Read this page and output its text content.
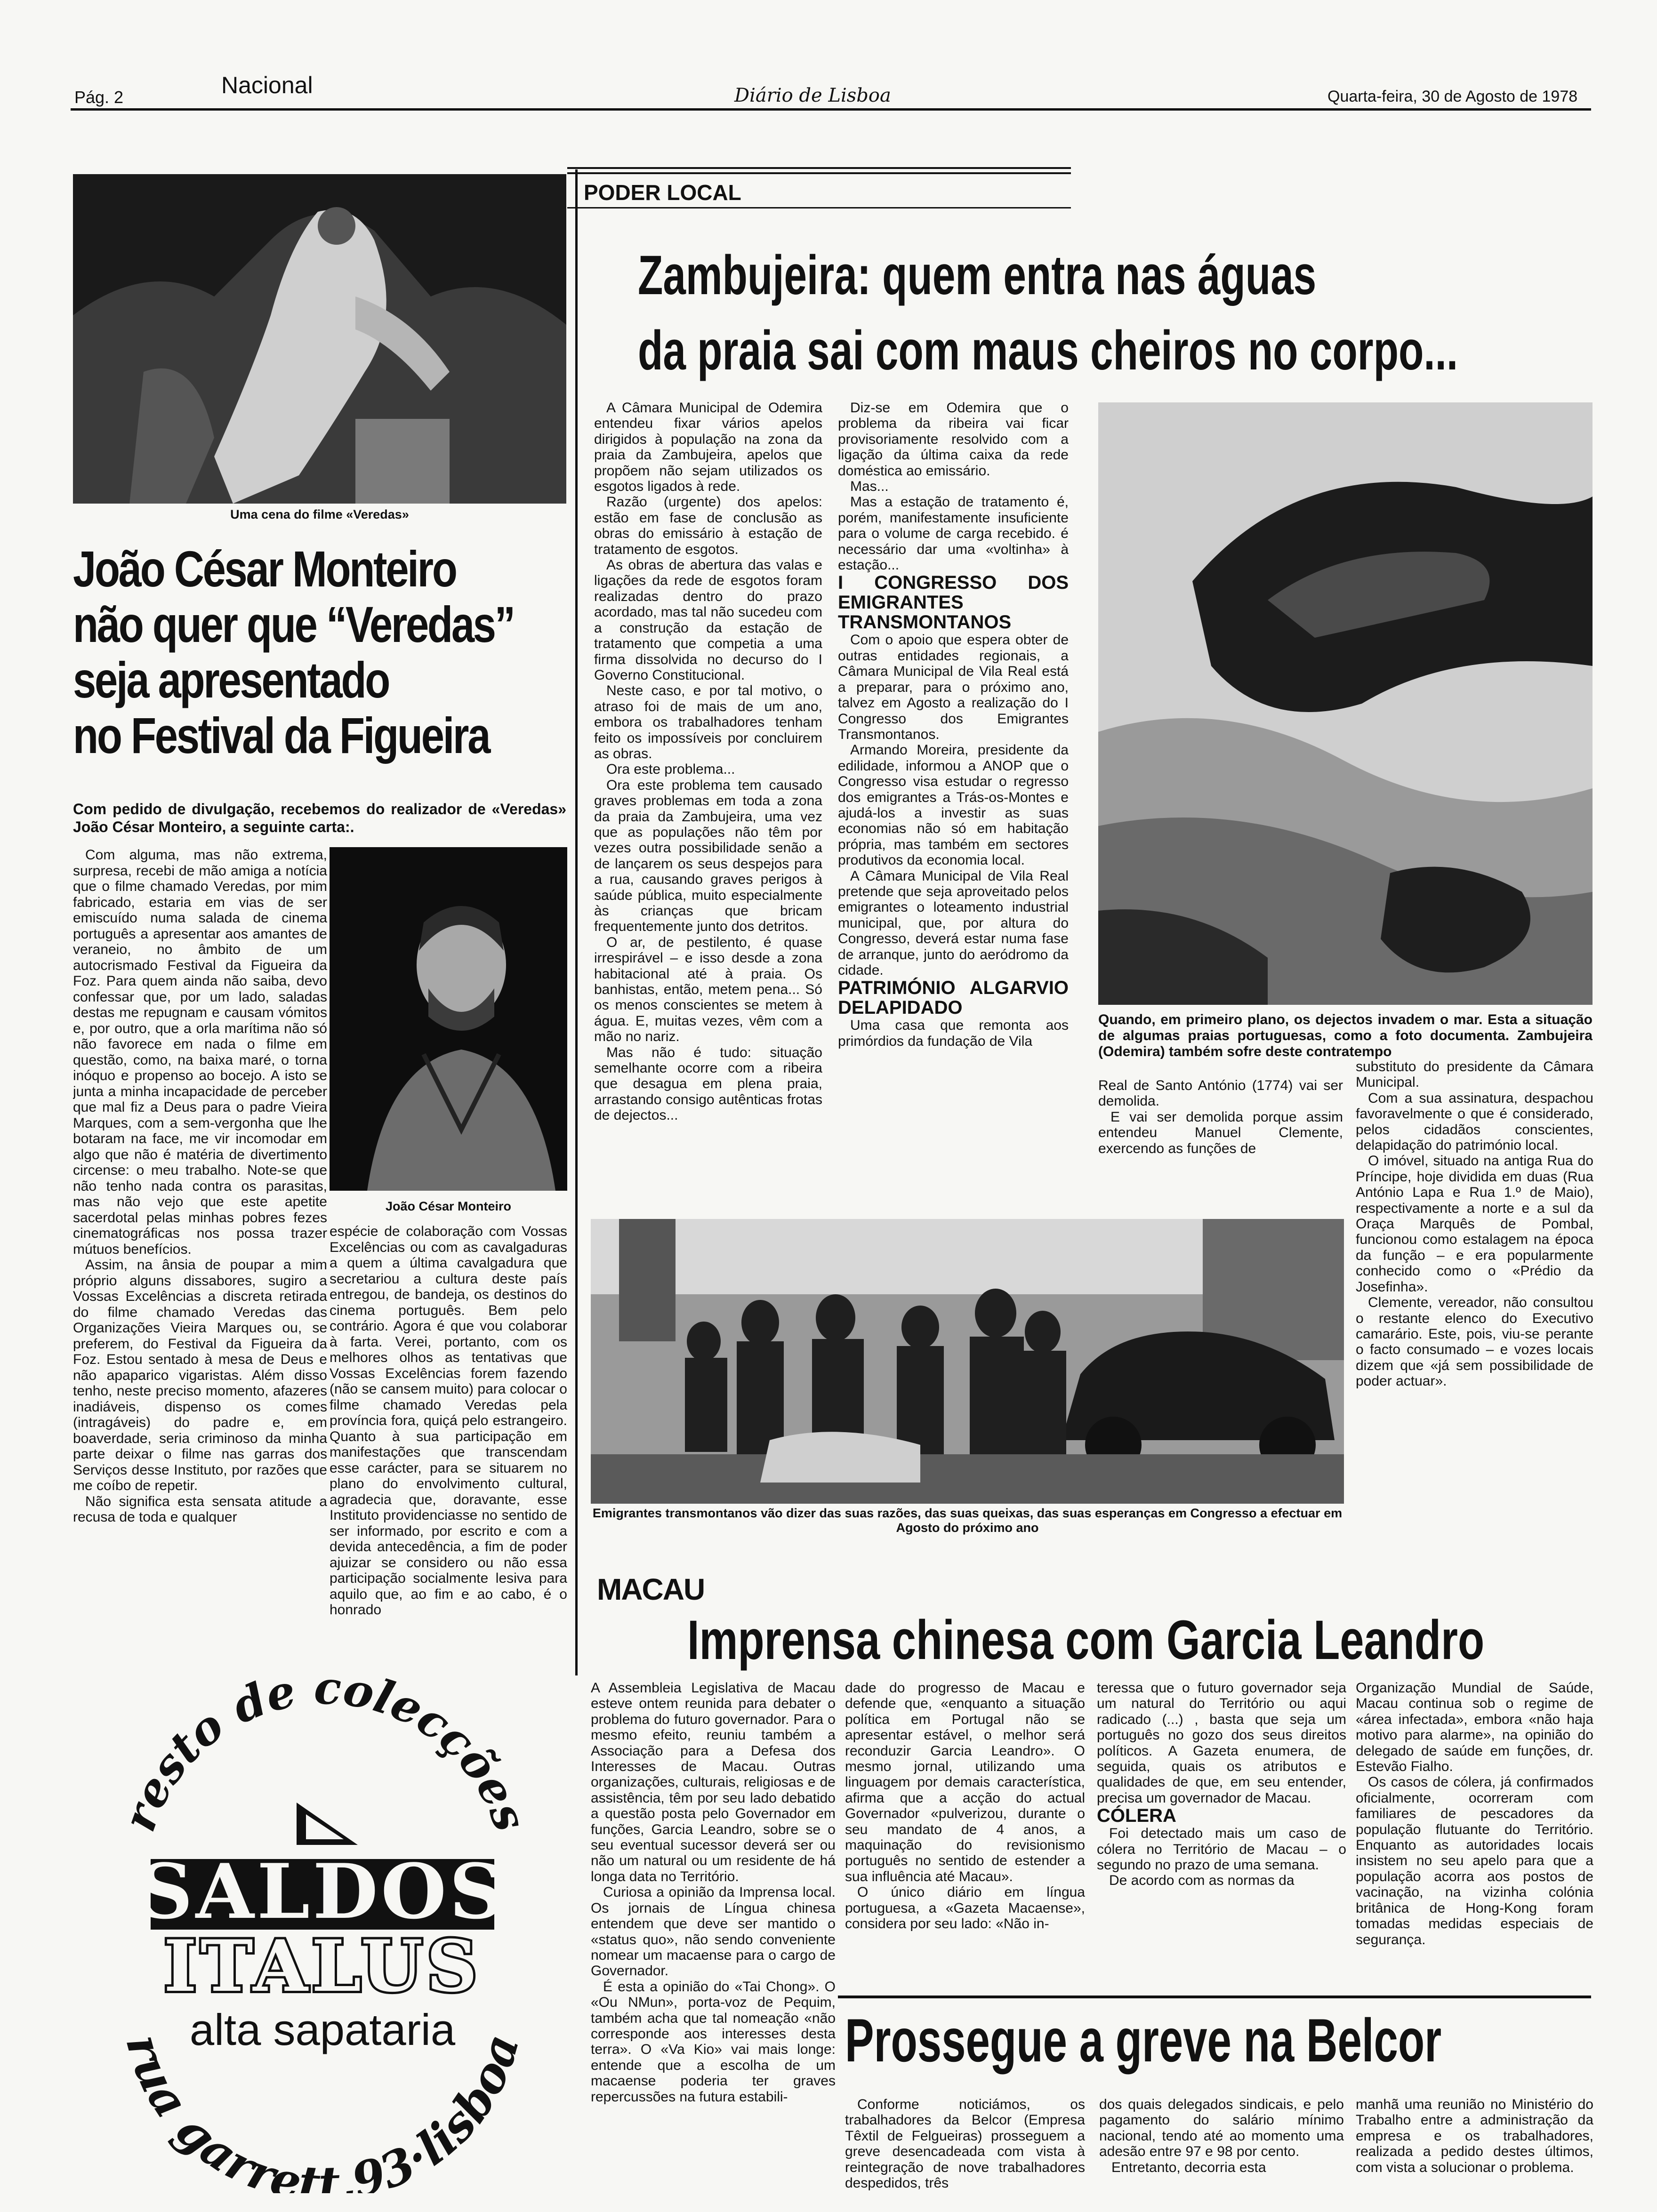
Pág. 2	Nacional	Diário de Lisboa	Quarta-feira, 30 de Agosto de 1978
Uma cena do filme «Veredas»
João César Monteiro
não quer que “Veredas”
seja apresentado
no Festival da Figueira
Com pedido de divulgação, recebemos do realizador de «Veredas» João César Monteiro, a seguinte carta:.

Com alguma, mas não extrema, surpresa, recebi de mão amiga a notícia que o filme chamado Veredas, por mim fabricado, estaria em vias de ser emiscuído numa salada de cinema português a apresentar aos amantes de veraneio, no âmbito de um autocrismado Festival da Figueira da Foz. Para quem ainda não saiba, devo confessar que, por um lado, saladas destas me repugnam e causam vómitos e, por outro, que a orla marítima não só não favorece em nada o filme em questão, como, na baixa maré, o torna inóquo e propenso ao bocejo. A isto se junta a minha incapacidade de perceber que mal fiz a Deus para o padre Vieira Marques, com a sem-vergonha que lhe botaram na face, me vir incomodar em algo que não é matéria de divertimento circense: o meu trabalho. Note-se que não tenho nada contra os parasitas, mas não vejo que este apetite sacerdotal pelas minhas pobres fezes cinematográficas nos possa trazer mútuos benefícios.

Assim, na ânsia de poupar a mim próprio alguns dissabores, sugiro a Vossas Excelências a discreta retirada do filme chamado Veredas das Organizações Vieira Marques ou, se preferem, do Festival da Figueira da Foz. Estou sentado à mesa de Deus e não apaparico vigaristas. Além disso tenho, neste preciso momento, afazeres inadiáveis, dispenso os comes (intragáveis) do padre e, em boaverdade, seria criminoso da minha parte deixar o filme nas garras dos Serviços desse Instituto, por razões que me coíbo de repetir.

Não significa esta sensata atitude a recusa de toda e qualquer

João César Monteiro

espécie de colaboração com Vossas Excelências ou com as cavalgaduras a quem a última cavalgadura que secretariou a cultura deste país entregou, de bandeja, os destinos do cinema português. Bem pelo contrário. Agora é que vou colaborar à farta. Verei, portanto, com os melhores olhos as tentativas que Vossas Excelências forem fazendo (não se cansem muito) para colocar o filme chamado Veredas pela província fora, quiçá pelo estrangeiro. Quanto à sua participação em manifestações que transcendam esse carácter, para se situarem no plano do envolvimento cultural, agradecia que, doravante, esse Instituto providenciasse no sentido de ser informado, por escrito e com a devida antecedência, a fim de poder ajuizar se considero ou não essa participação socialmente lesiva para aquilo que, ao fim e ao cabo, é o honrado

resto de colecções
SALDOS
ITALUS
alta sapataria
rua garrett,93·lisboa
PODER LOCAL
Zambujeira: quem entra nas águas
da praia sai com maus cheiros no corpo...

A Câmara Municipal de Odemira entendeu fixar vários apelos dirigidos à população na zona da praia da Zambujeira, apelos que propõem não sejam utilizados os esgotos ligados à rede.

Razão (urgente) dos apelos: estão em fase de conclusão as obras do emissário à estação de tratamento de esgotos.

As obras de abertura das valas e ligações da rede de esgotos foram realizadas dentro do prazo acordado, mas tal não sucedeu com a construção da estação de tratamento que competia a uma firma dissolvida no decurso do I Governo Constitucional.

Neste caso, e por tal motivo, o atraso foi de mais de um ano, embora os trabalhadores tenham feito os impossíveis por concluirem as obras.

Ora este problema...

Ora este problema tem causado graves problemas em toda a zona da praia da Zambujeira, uma vez que as populações não têm por vezes outra possibilidade senão a de lançarem os seus despejos para a rua, causando graves perigos à saúde pública, muito especialmente às crianças que bricam frequentemente junto dos detritos.

O ar, de pestilento, é quase irrespirável – e isso desde a zona habitacional até à praia. Os banhistas, então, metem pena... Só os menos conscientes se metem à água. E, muitas vezes, vêm com a mão no nariz.

Mas não é tudo: situação semelhante ocorre com a ribeira que desagua em plena praia, arrastando consigo autênticas frotas de dejectos...

Diz-se em Odemira que o problema da ribeira vai ficar provisoriamente resolvido com a ligação da última caixa da rede doméstica ao emissário.

Mas...

Mas a estação de tratamento é, porém, manifestamente insuficiente para o volume de carga recebido. é necessário dar uma «voltinha» à estação...

I CONGRESSO DOS EMIGRANTES TRANSMONTANOS

Com o apoio que espera obter de outras entidades regionais, a Câmara Municipal de Vila Real está a preparar, para o próximo ano, talvez em Agosto a realização do I Congresso dos Emigrantes Transmontanos.

Armando Moreira, presidente da edilidade, informou a ANOP que o Congresso visa estudar o regresso dos emigrantes a Trás-os-Montes e ajudá-los a investir as suas economias não só em habitação própria, mas também em sectores produtivos da economia local.

A Câmara Municipal de Vila Real pretende que seja aproveitado pelos emigrantes o loteamento industrial municipal, que, por altura do Congresso, deverá estar numa fase de arranque, junto do aeródromo da cidade.

PATRIMÓNIO ALGARVIO DELAPIDADO

Uma casa que remonta aos primórdios da fundação de Vila

Quando, em primeiro plano, os dejectos invadem o mar. Esta a situação de algumas praias portuguesas, como a foto documenta. Zambujeira (Odemira) também sofre deste contratempo

Real de Santo António (1774) vai ser demolida.

E vai ser demolida porque assim entendeu Manuel Clemente, exercendo as funções de

substituto do presidente da Câmara Municipal.

Com a sua assinatura, despachou favoravelmente o que é considerado, pelos cidadãos conscientes, delapidação do património local.

O imóvel, situado na antiga Rua do Príncipe, hoje dividida em duas (Rua António Lapa e Rua 1.º de Maio), respectivamente a norte e a sul da Oraça Marquês de Pombal, funcionou como estalagem na época da função – e era popularmente conhecido como o «Prédio da Josefinha».

Clemente, vereador, não consultou o restante elenco do Executivo camarário. Este, pois, viu-se perante o facto consumado – e vozes locais dizem que «já sem possibilidade de poder actuar».

Emigrantes transmontanos vão dizer das suas razões, das suas queixas, das suas esperanças em Congresso a efectuar em Agosto do próximo ano
MACAU
Imprensa chinesa com Garcia Leandro

A Assembleia Legislativa de Macau esteve ontem reunida para debater o problema do futuro governador. Para o mesmo efeito, reuniu também a Associação para a Defesa dos Interesses de Macau. Outras organizações, culturais, religiosas e de assistência, têm por seu lado debatido a questão posta pelo Governador em funções, Garcia Leandro, sobre se o seu eventual sucessor deverá ser ou não um natural ou um residente de há longa data no Território.

Curiosa a opinião da Imprensa local. Os jornais de Língua chinesa entendem que deve ser mantido o «status quo», não sendo conveniente nomear um macaense para o cargo de Governador.

É esta a opinião do «Tai Chong». O «Ou NMun», porta-voz de Pequim, também acha que tal nomeação «não corresponde aos interesses desta terra». O «Va Kio» vai mais longe: entende que a escolha de um macaense poderia ter graves repercussões na futura estabili-

dade do progresso de Macau e defende que, «enquanto a situação política em Portugal não se apresentar estável, o melhor será reconduzir Garcia Leandro». O mesmo jornal, utilizando uma linguagem por demais característica, afirma que a acção do actual Governador «pulverizou, durante o seu mandato de 4 anos, a maquinação do revisionismo português no sentido de estender a sua influência até Macau».

O único diário em língua portuguesa, a «Gazeta Macaense», considera por seu lado: «Não in-

teressa que o futuro governador seja um natural do Território ou aqui radicado (...) , basta que seja um português no gozo dos seus direitos políticos. A Gazeta enumera, de seguida, quais os atributos e qualidades de que, em seu entender, precisa um governador de Macau.

CÓLERA

Foi detectado mais um caso de cólera no Território de Macau – o segundo no prazo de uma semana.

De acordo com as normas da

Organização Mundial de Saúde, Macau continua sob o regime de «área infectada», embora «não haja motivo para alarme», na opinião do delegado de saúde em funções, dr. Estevão Fialho.

Os casos de cólera, já confirmados oficialmente, ocorreram com familiares de pescadores da população flutuante do Território. Enquanto as autoridades locais insistem no seu apelo para que a população acorra aos postos de vacinação, na vizinha colónia britânica de Hong-Kong foram tomadas medidas especiais de segurança.

Prossegue a greve na Belcor

Conforme noticiámos, os trabalhadores da Belcor (Empresa Têxtil de Felgueiras) prosseguem a greve desencadeada com vista à reintegração de nove trabalhadores despedidos, três

dos quais delegados sindicais, e pelo pagamento do salário mínimo nacional, tendo até ao momento uma adesão entre 97 e 98 por cento.

Entretanto, decorria esta

manhã uma reunião no Ministério do Trabalho entre a administração da empresa e os trabalhadores, realizada a pedido destes últimos, com vista a solucionar o problema.
